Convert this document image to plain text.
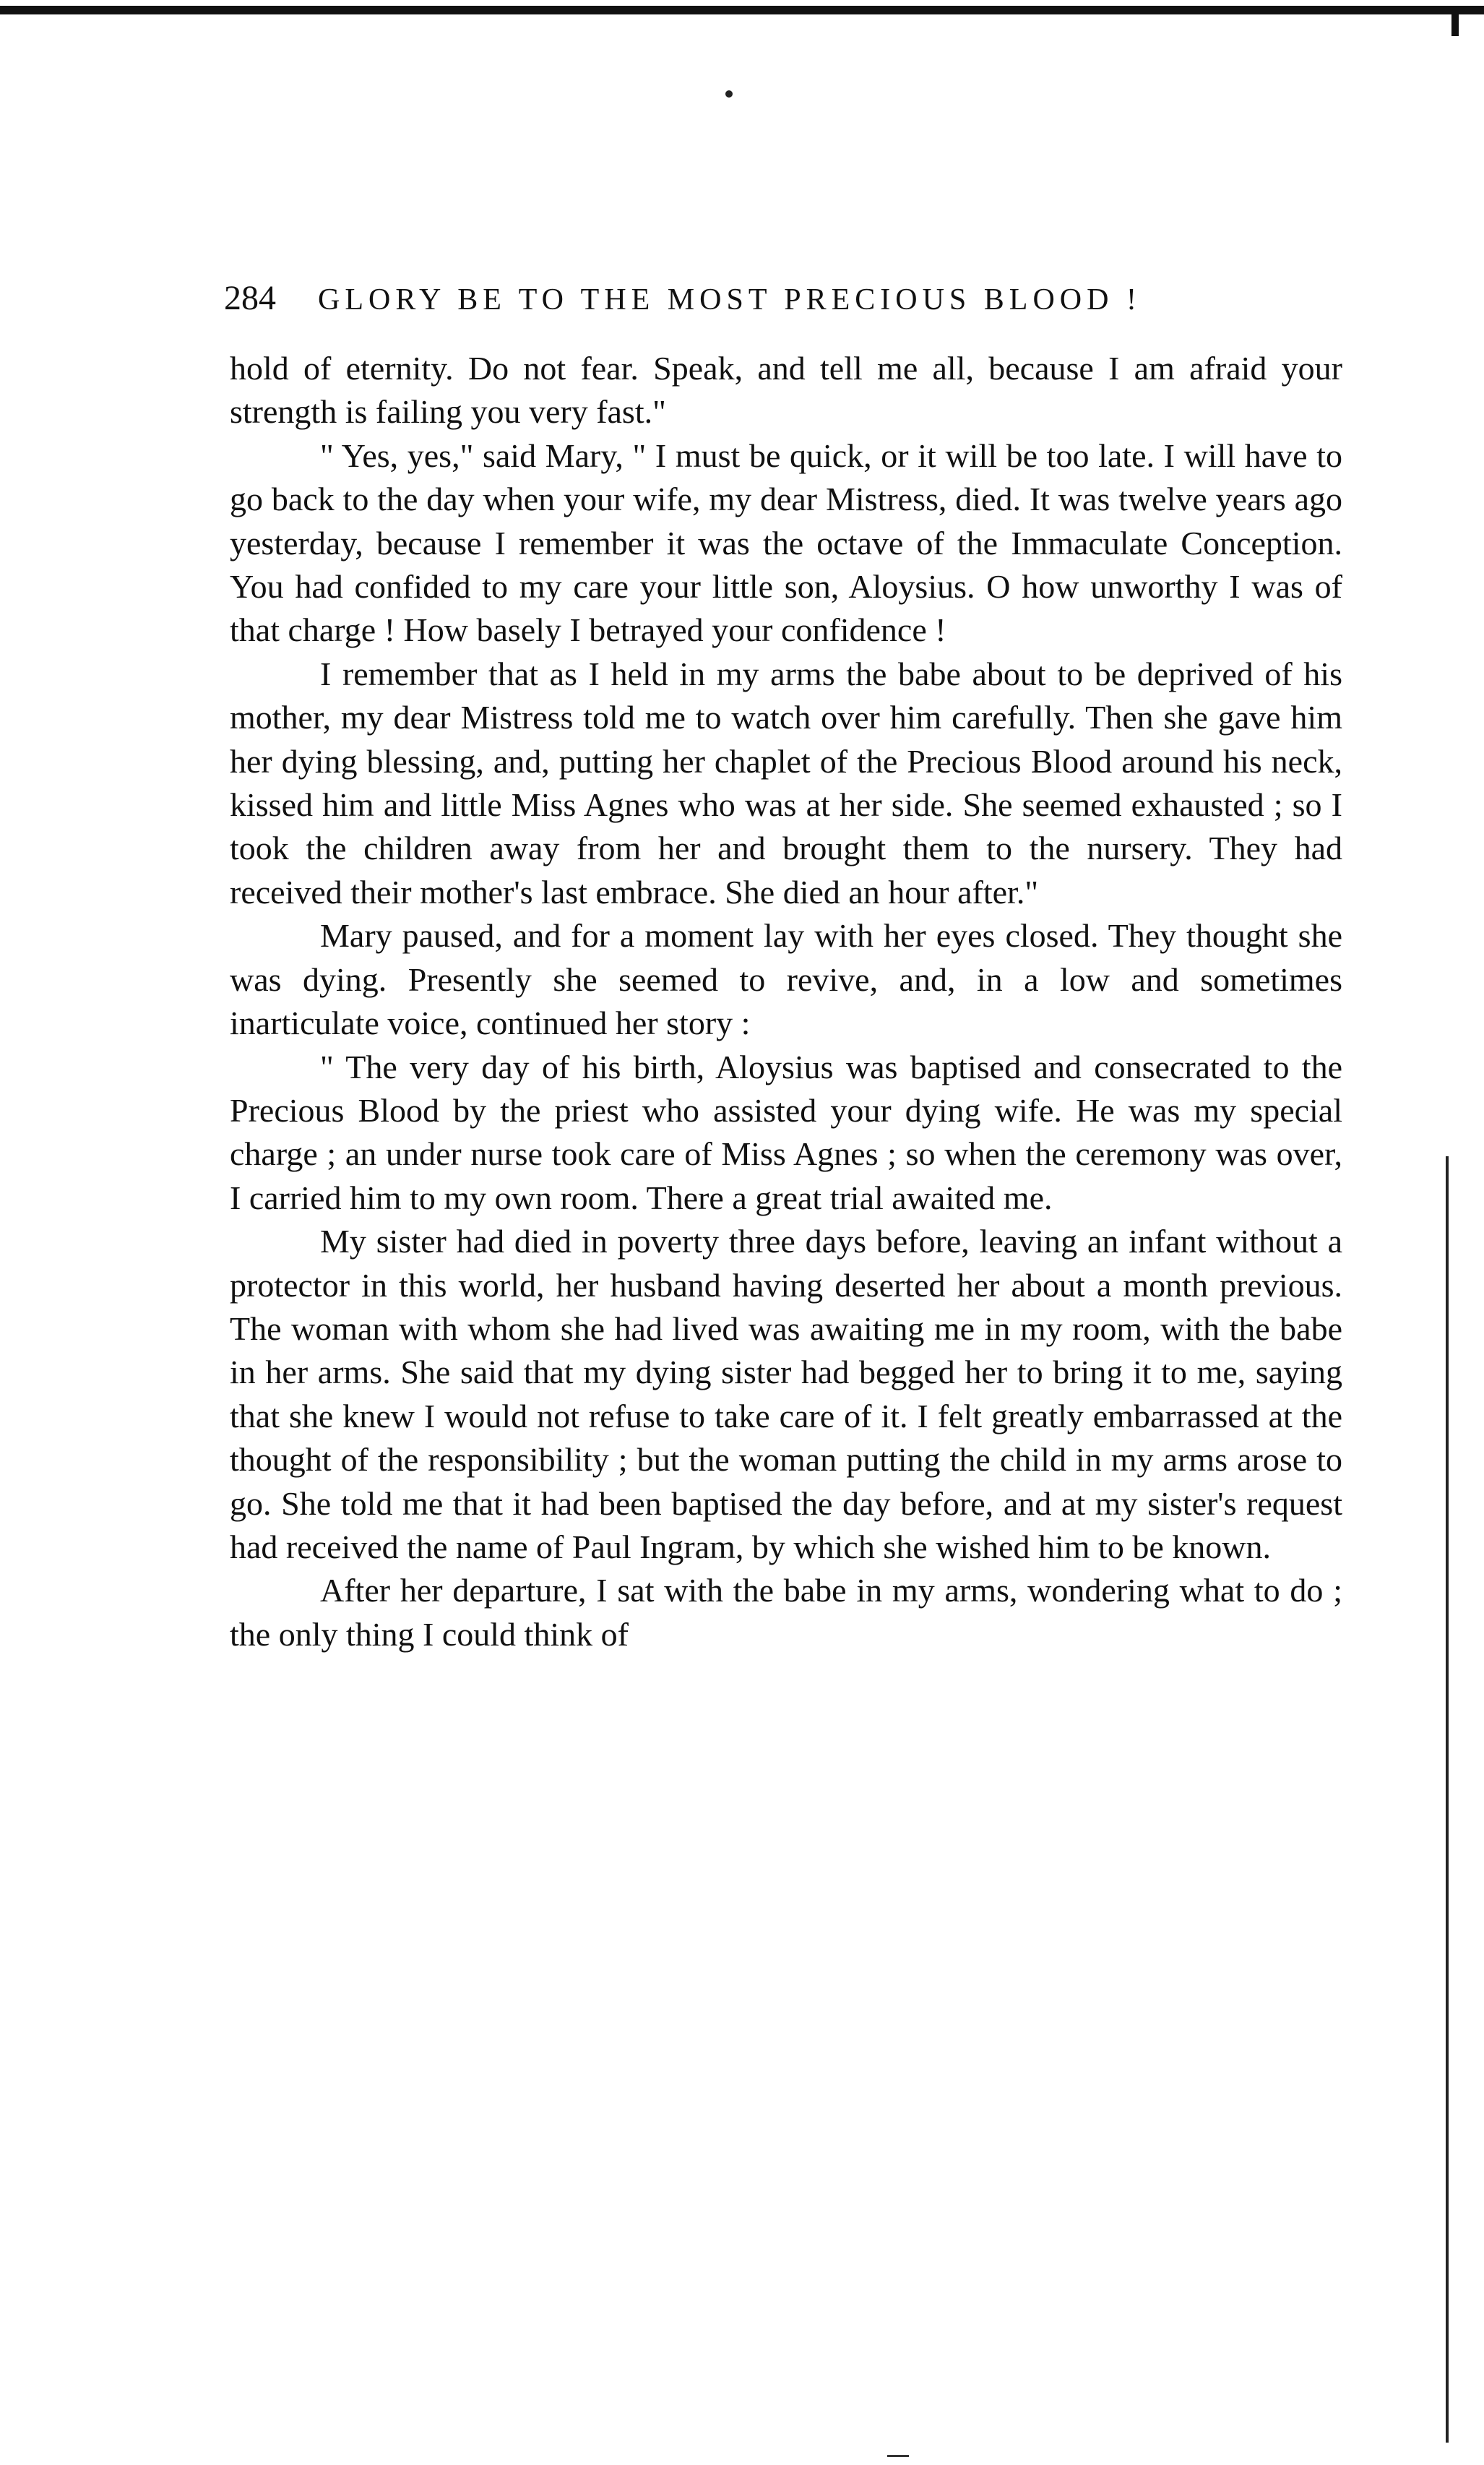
284	GLORY BE TO THE MOST PRECIOUS BLOOD !

hold of eternity. Do not fear. Speak, and tell me all, because I am afraid your strength is failing you very fast."

" Yes, yes," said Mary, " I must be quick, or it will be too late. I will have to go back to the day when your wife, my dear Mistress, died. It was twelve years ago yesterday, because I remember it was the octave of the Immaculate Conception. You had confided to my care your little son, Aloysius. O how unworthy I was of that charge ! How basely I betrayed your confidence !

I remember that as I held in my arms the babe about to be deprived of his mother, my dear Mistress told me to watch over him carefully. Then she gave him her dying blessing, and, putting her chaplet of the Precious Blood around his neck, kissed him and little Miss Agnes who was at her side. She seemed exhausted ; so I took the children away from her and brought them to the nursery. They had received their mother's last embrace. She died an hour after."

Mary paused, and for a moment lay with her eyes closed. They thought she was dying. Presently she seemed to revive, and, in a low and sometimes inarticulate voice, continued her story :

" The very day of his birth, Aloysius was baptised and consecrated to the Precious Blood by the priest who assisted your dying wife. He was my special charge ; an under nurse took care of Miss Agnes ; so when the ceremony was over, I carried him to my own room. There a great trial awaited me.

My sister had died in poverty three days before, leaving an infant without a protector in this world, her husband having deserted her about a month previous. The woman with whom she had lived was awaiting me in my room, with the babe in her arms. She said that my dying sister had begged her to bring it to me, saying that she knew I would not refuse to take care of it. I felt greatly embarrassed at the thought of the responsibility ; but the woman putting the child in my arms arose to go. She told me that it had been baptised the day before, and at my sister's request had received the name of Paul Ingram, by which she wished him to be known.

After her departure, I sat with the babe in my arms, wondering what to do ; the only thing I could think of
